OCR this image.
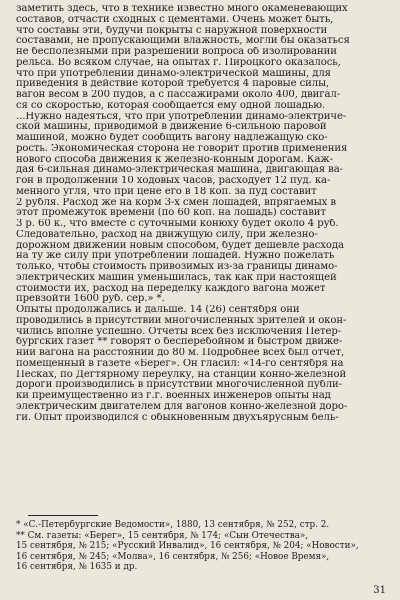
заметить здесь, что в технике известно много окаменевающих
составов, отчасти сходных с цементами. Очень может быть,
что составы эти, будучи покрыты с наружной поверхности
составами, не пропускающими влажность, могли бы оказаться
не бесполезными при разрешении вопроса об изолировании
рельса. Во всяком случае, на опытах г. Пироцкого оказалось,
что при употреблении динамо-электрической машины, для
приведения в действие которой требуется 4 паровые силы,
вагон весом в 200 пудов, а с пассажирами около 400, двигал-
ся со скоростью, которая сообщается ему одной лошадью.
...Нужно надеяться, что при употреблении динамо-электриче-
ской машины, приводимой в движение 6-сильною паровой
машиной, можно будет сообщить вагону надлежащую ско-
рость. Экономическая сторона не говорит против применения
нового способа движения к железно-конным дорогам. Каж-
дая 6-сильная динамо-электрическая машина, двигающая ва-
гон в продолжении 10 ходовых часов, расходует 12 пуд. ка-
менного угля, что при цене его в 18 коп. за пуд составит
2 рубля. Расход же на корм 3-х смен лошадей, впрягаемых в
этот промежуток времени (по 60 коп. на лошадь) составит
3 р. 60 к., что вместе с суточными конюху будет около 4 руб.
Следовательно, расход на движущую силу, при железно-
дорожном движении новым способом, будет дешевле расхода
на ту же силу при употреблении лошадей. Нужно пожелать
только, чтобы стоимость привозимых из-за границы динамо-
электрических машин уменьшилась, так как при настоящей
стоимости их, расход на переделку каждого вагона может
превзойти 1600 руб. сер.» *.
Опыты продолжались и дальше. 14 (26) сентября они
проводились в присутствии многочисленных зрителей и окон-
чились вполне успешно. Отчеты всех без исключения Петер-
бургских газет ** говорят о бесперебойном и быстром движе-
нии вагона на расстоянии до 80 м. Подробнее всех был отчет,
помещенный в газете «Берег». Он гласил: «14-го сентября на
Песках, по Дегтярному переулку, на станции конно-железной
дороги производились в присутствии многочисленной публи-
ки преимущественно из г.г. военных инженеров опыты над
электрическим двигателем для вагонов конно-железной доро-
ги. Опыт производился с обыкновенным двухъярусным бель-
* «С.-Петербургские Ведомости», 1880, 13 сентября, № 252, стр. 2.
** См. газеты: «Берег», 15 сентября, № 174; «Сын Отечества»,
15 сентября, № 215; «Русский Инвалид», 16 сентября, № 204; «Новости»,
16 сентября, № 245; «Молва», 16 сентября, № 256; «Новое Время»,
16 сентября, № 1635 и др.
31
